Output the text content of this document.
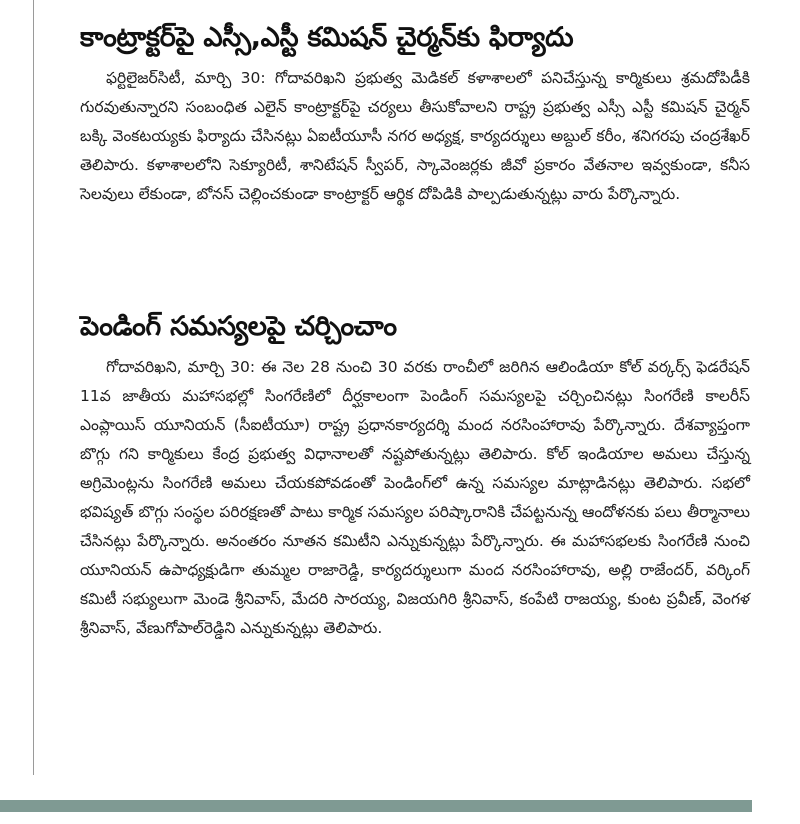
కాంట్రాక్టర్‌పై ఎస్సీ,ఎస్టీ కమిషన్ చైర్మన్‌కు ఫిర్యాదు

ఫర్టిలైజర్‌సిటీ, మార్చి 30: గోదావరిఖని ప్రభుత్వ మెడికల్ కళాశాలలో పనిచేస్తున్న కార్మికులు శ్రమదోపిడీకి గురవుతున్నారని సంబంధిత ఎలైన్ కాంట్రాక్టర్‌పై చర్యలు తీసుకోవాలని రాష్ట్ర ప్రభుత్వ ఎస్సీ ఎస్టీ కమిషన్ చైర్మన్ బక్కి వెంకటయ్యకు ఫిర్యాదు చేసినట్లు ఏఐటీయూసీ నగర అధ్యక్ష, కార్యదర్శులు అబ్దుల్ కరీం, శనిగరపు చంద్రశేఖర్ తెలిపారు. కళాశాలలోని సెక్యూరిటీ, శానిటేషన్ స్వీపర్, స్కావెంజర్లకు జీవో ప్రకారం వేతనాల ఇవ్వకుండా, కనీస సెలవులు లేకుండా, బోనస్ చెల్లించకుండా కాంట్రాక్టర్ ఆర్థిక దోపిడికి పాల్పడుతున్నట్లు వారు పేర్కొన్నారు.

పెండింగ్ సమస్యలపై చర్చించాం

గోదావరిఖని, మార్చి 30: ఈ నెల 28 నుంచి 30 వరకు రాంచీలో జరిగిన ఆలిండియా కోల్ వర్కర్స్ ఫెడరేషన్ 11వ జాతీయ మహాసభల్లో సింగరేణిలో దీర్ఘకాలంగా పెండింగ్ సమస్యలపై చర్చించినట్లు సింగరేణి కాలరీస్ ఎంప్లాయిస్ యూనియన్ (సీఐటీయూ) రాష్ట్ర ప్రధానకార్యదర్శి మంద నరసింహారావు పేర్కొన్నారు. దేశవ్యాప్తంగా బొగ్గు గని కార్మికులు కేంద్ర ప్రభుత్వ విధానాలతో నష్టపోతున్నట్లు తెలిపారు. కోల్ ఇండియాల అమలు చేస్తున్న అగ్రిమెంట్లను సింగరేణి అమలు చేయకపోవడంతో పెండింగ్‌లో ఉన్న సమస్యల మాట్లాడినట్లు తెలిపారు. సభలో భవిష్యత్ బొగ్గు సంస్థల పరిరక్షణతో పాటు కార్మిక సమస్యల పరిష్కారానికి చేపట్టనున్న ఆందోళనకు పలు తీర్మానాలు చేసినట్లు పేర్కొన్నారు. అనంతరం నూతన కమిటీని ఎన్నుకున్నట్లు పేర్కొన్నారు. ఈ మహాసభలకు సింగరేణి నుంచి యూనియన్ ఉపాధ్యక్షుడిగా తుమ్మల రాజారెడ్డి, కార్యదర్శులుగా మంద నరసింహారావు, అల్లి రాజేందర్, వర్కింగ్ కమిటీ సభ్యులుగా మెండె శ్రీనివాస్, మేదరి సారయ్య, విజయగిరి శ్రీనివాస్, కంపేటి రాజయ్య, కుంట ప్రవీణ్, వెంగళ శ్రీనివాస్, వేణుగోపాల్‌రెడ్డిని ఎన్నుకున్నట్లు తెలిపారు.
